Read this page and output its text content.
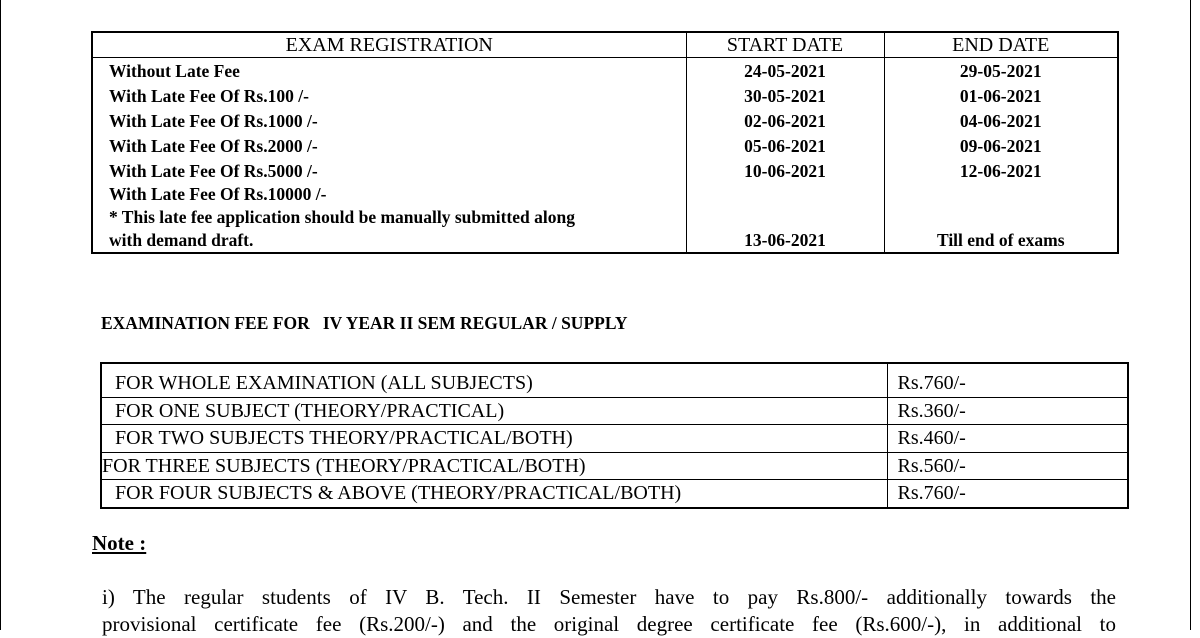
EXAM REGISTRATION	START DATE	END DATE
Without Late Fee	24-05-2021	29-05-2021
With Late Fee Of Rs.100 /-	30-05-2021	01-06-2021
With Late Fee Of Rs.1000 /-	02-06-2021	04-06-2021
With Late Fee Of Rs.2000 /-	05-06-2021	09-06-2021
With Late Fee Of Rs.5000 /-	10-06-2021	12-06-2021

With Late Fee Of Rs.10000 /-
* This late fee application should be manually submitted along
with demand draft.	13-06-2021	Till end of exams
EXAMINATION FEE FOR   IV YEAR II SEM REGULAR / SUPPLY
FOR WHOLE EXAMINATION (ALL SUBJECTS)	Rs.760/-
FOR ONE SUBJECT (THEORY/PRACTICAL)	Rs.360/-
FOR TWO SUBJECTS THEORY/PRACTICAL/BOTH)	Rs.460/-
FOR THREE SUBJECTS (THEORY/PRACTICAL/BOTH)	Rs.560/-
FOR FOUR SUBJECTS & ABOVE (THEORY/PRACTICAL/BOTH)	Rs.760/-
Note :
i) The regular students of IV B. Tech. II Semester have to pay Rs.800/- additionally towards the
provisional certificate fee (Rs.200/-) and the original degree certificate fee (Rs.600/-), in additional to
